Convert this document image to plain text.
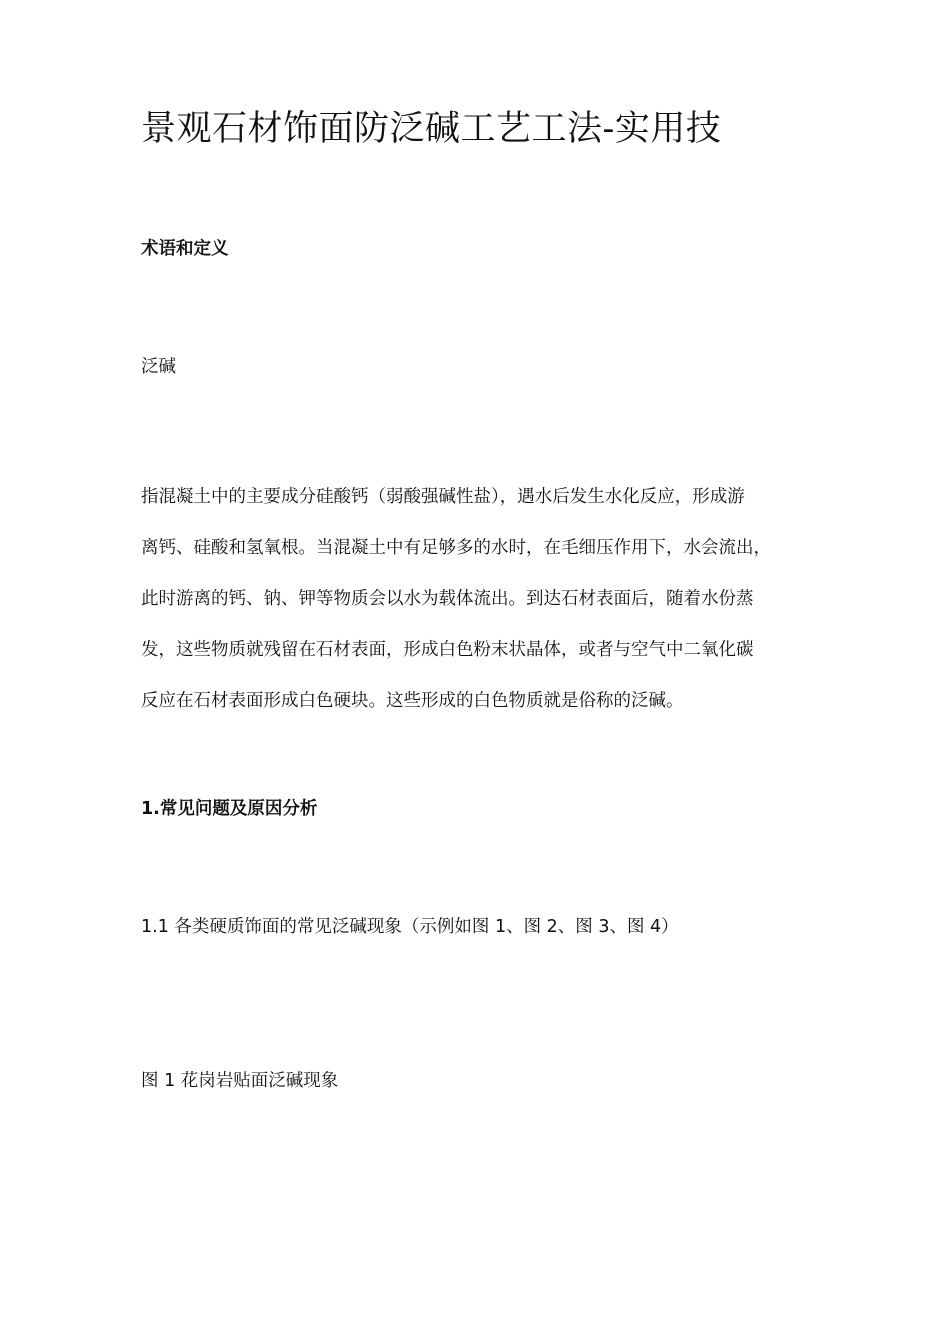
景观石材饰面防泛碱工艺工法-实用技
术语和定义

泛碱

指混凝土中的主要成分硅酸钙（弱酸强碱性盐），遇水后发生水化反应，形成游
离钙、硅酸和氢氧根。当混凝土中有足够多的水时，在毛细压作用下，水会流出，
此时游离的钙、钠、钾等物质会以水为载体流出。到达石材表面后，随着水份蒸
发，这些物质就残留在石材表面，形成白色粉末状晶体，或者与空气中二氧化碳
反应在石材表面形成白色硬块。这些形成的白色物质就是俗称的泛碱。
1.常见问题及原因分析

1.1 各类硬质饰面的常见泛碱现象（示例如图 1、图 2、图 3、图 4）

图 1 花岗岩贴面泛碱现象
